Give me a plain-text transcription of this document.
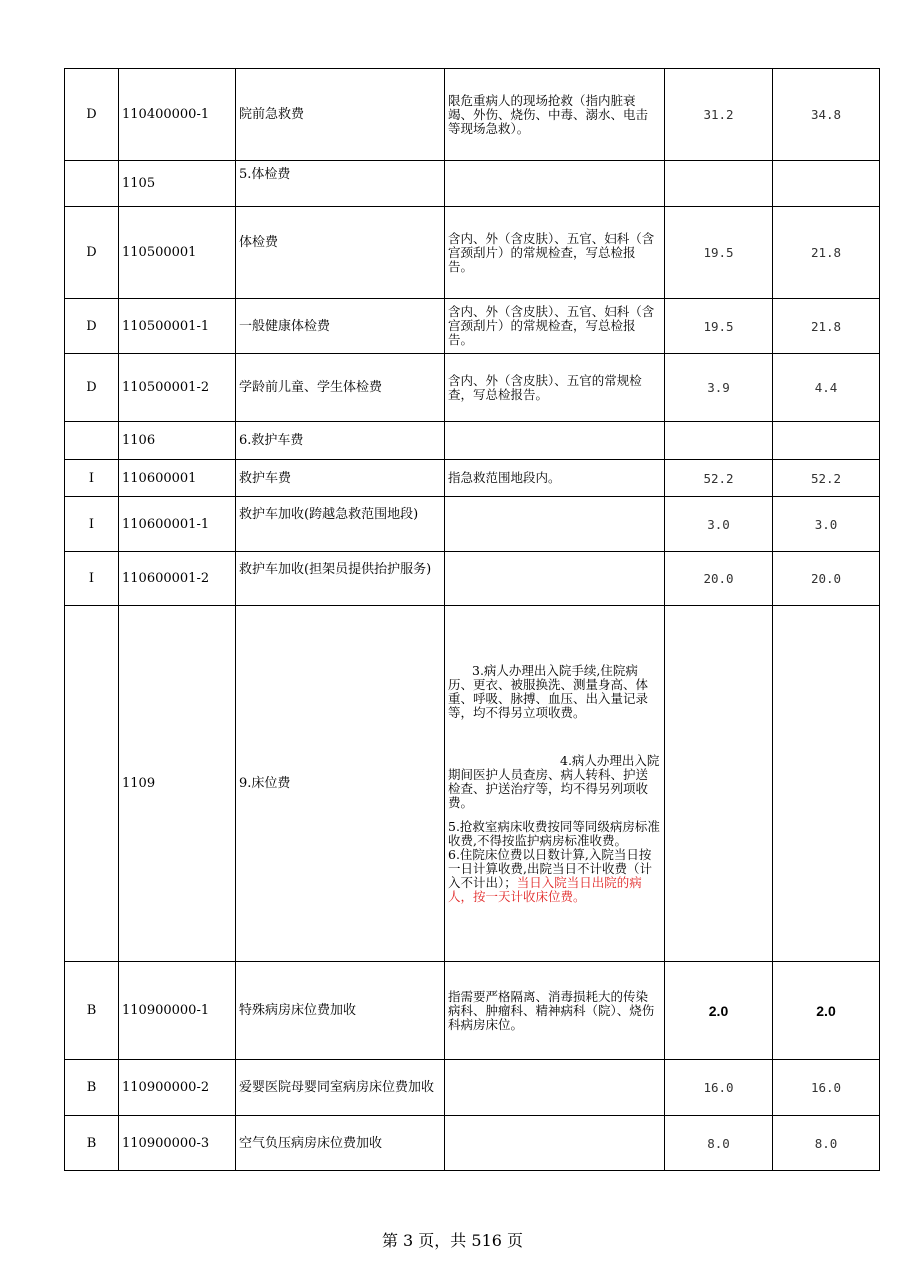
D	110400000-1	院前急救费	限危重病人的现场抢救（指内脏衰竭、外伤、烧伤、中毒、溺水、电击等现场急救）。	31.2	34.8
	1105	5.体检费			
D	110500001	体检费	含内、外（含皮肤）、五官、妇科（含宫颈刮片）的常规检查，写总检报告。	19.5	21.8
D	110500001-1	一般健康体检费	含内、外（含皮肤）、五官、妇科（含宫颈刮片）的常规检查，写总检报告。	19.5	21.8
D	110500001-2	学龄前儿童、学生体检费	含内、外（含皮肤）、五官的常规检查，写总检报告。	3.9	4.4
	1106	6.救护车费			
I	110600001	救护车费	指急救范围地段内。	52.2	52.2
I	110600001-1	救护车加收(跨越急救范围地段)		3.0	3.0
I	110600001-2	救护车加收(担架员提供抬护服务)		20.0	20.0
	1109	9.床位费	3.病人办理出入院手续,住院病历、更衣、被服换洗、测量身高、体重、呼吸、脉搏、血压、出入量记录等，均不得另立项收费。
4.病人办理出入院期间医护人员查房、病人转科、护送检查、护送治疗等，均不得另列项收费。
5.抢救室病床收费按同等同级病房标准收费,不得按监护病房标准收费。
6.住院床位费以日数计算,入院当日按一日计算收费,出院当日不计收费（计入不计出）；当日入院当日出院的病人，按一天计收床位费。		

B	110900000-1	特殊病房床位费加收	指需要严格隔离、消毒损耗大的传染病科、肿瘤科、精神病科（院）、烧伤科病房床位。	2.0	2.0
B	110900000-2	爱婴医院母婴同室病房床位费加收		16.0	16.0
B	110900000-3	空气负压病房床位费加收		8.0	8.0
第 3 页，共 516 页
